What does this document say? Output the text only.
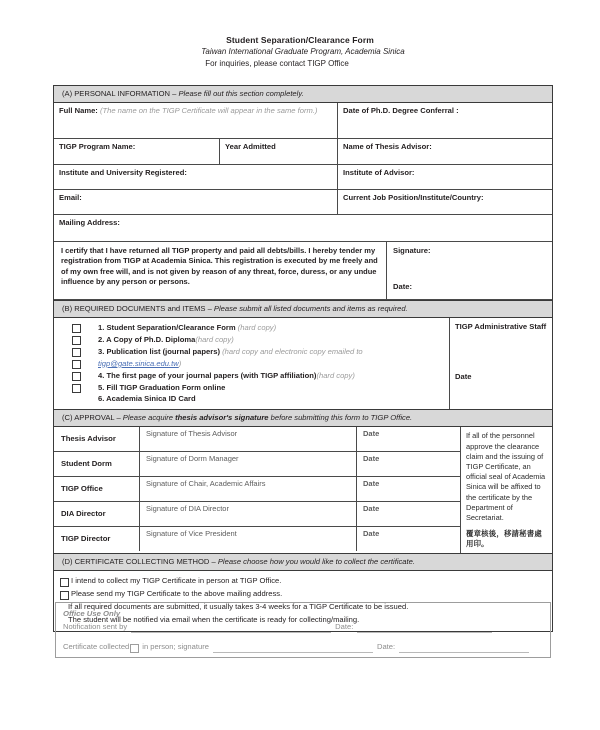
Student Separation/Clearance Form
Taiwan International Graduate Program, Academia Sinica
For inquiries, please contact TIGP Office
(A) PERSONAL INFORMATION – Please fill out this section completely.
Full Name: (The name on the TIGP Certificate will appear in the same form.)	Date of Ph.D. Degree Conferral :
TIGP Program Name:	Year Admitted	Name of Thesis Advisor:
Institute and University Registered:	Institute of Advisor:
Email:	Current Job Position/Institute/Country:
Mailing Address:
I certify that I have returned all TIGP property and paid all debts/bills. I hereby tender my registration from TIGP at Academia Sinica. This registration is executed by me freely and of my own free will, and is not given by reason of any threat, force, duress, or any undue influence by any person or persons.
Signature:
Date:
(B) REQUIRED DOCUMENTS and ITEMS – Please submit all listed documents and items as required.
1. Student Separation/Clearance Form (hard copy)
2. A Copy of Ph.D. Diploma(hard copy)
3. Publication list (journal papers) (hard copy and electronic copy emailed to
tigp@gate.sinica.edu.tw)
4. The first page of your journal papers (with TIGP affiliation)(hard copy)
5. Fill TIGP Graduation Form online
6. Academia Sinica ID Card
TIGP Administrative Staff
Date
(C) APPROVAL – Please acquire thesis advisor's signature before submitting this form to TIGP Office.
Thesis Advisor
Signature of Thesis Advisor	Date
Student Dorm
Signature of Dorm Manager	Date
TIGP Office
Signature of Chair, Academic Affairs	Date
DIA Director
Signature of DIA Director	Date
TIGP Director
Signature of Vice President	Date
If all of the personnel approve the clearance claim and the issuing of TIGP Certificate, an official seal of Academia Sinica will be affixed to the certificate by the Department of Secretariat.
覆章核後，移請秘書處用印。
(D) CERTIFICATE COLLECTING METHOD – Please choose how you would like to collect the certificate.
I intend to collect my TIGP Certificate in person at TIGP Office.
Please send my TIGP Certificate to the above mailing address.
If all required documents are submitted, it usually takes 3-4 weeks for a TIGP Certificate to be issued.
The student will be notified via email when the certificate is ready for collecting/mailing.
Office Use Only
Notification sent by	Date:
Certificate collected in person; signature	Date:
